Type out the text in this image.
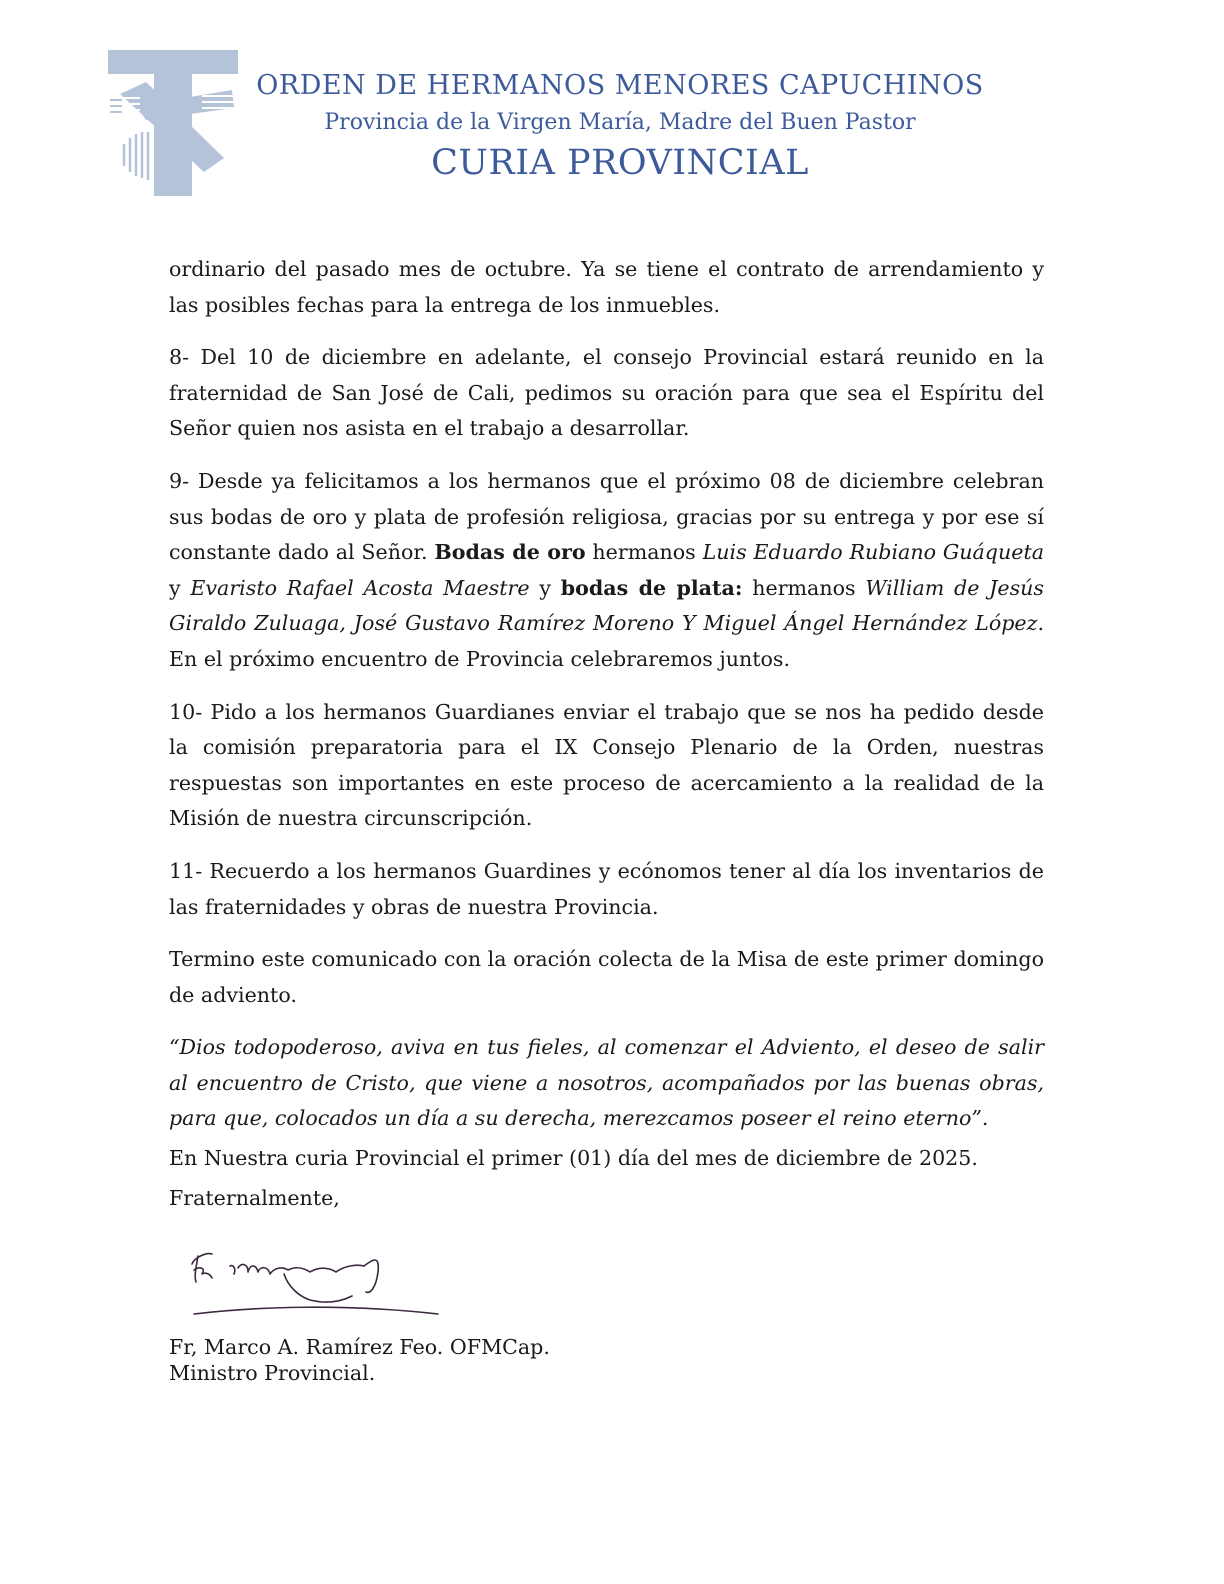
ORDEN DE HERMANOS MENORES CAPUCHINOS
Provincia de la Virgen María, Madre del Buen Pastor
CURIA PROVINCIAL

ordinario del pasado mes de octubre. Ya se tiene el contrato de arrendamiento y las posibles fechas para la entrega de los inmuebles.

8- Del 10 de diciembre en adelante, el consejo Provincial estará reunido en la fraternidad de San José de Cali, pedimos su oración para que sea el Espíritu del Señor quien nos asista en el trabajo a desarrollar.

9- Desde ya felicitamos a los hermanos que el próximo 08 de diciembre celebran sus bodas de oro y plata de profesión religiosa, gracias por su entrega y por ese sí constante dado al Señor. Bodas de oro hermanos Luis Eduardo Rubiano Guáqueta y Evaristo Rafael Acosta Maestre y bodas de plata: hermanos William de Jesús Giraldo Zuluaga, José Gustavo Ramírez Moreno Y Miguel Ángel Hernández López. En el próximo encuentro de Provincia celebraremos juntos.

10- Pido a los hermanos Guardianes enviar el trabajo que se nos ha pedido desde la comisión preparatoria para el IX Consejo Plenario de la Orden, nuestras respuestas son importantes en este proceso de acercamiento a la realidad de la Misión de nuestra circunscripción.

11- Recuerdo a los hermanos Guardines y ecónomos tener al día los inventarios de las fraternidades y obras de nuestra Provincia.

Termino este comunicado con la oración colecta de la Misa de este primer domingo de adviento.

“Dios todopoderoso, aviva en tus fieles, al comenzar el Adviento, el deseo de salir al encuentro de Cristo, que viene a nosotros, acompañados por las buenas obras, para que, colocados un día a su derecha, merezcamos poseer el reino eterno”.

En Nuestra curia Provincial el primer (01) día del mes de diciembre de 2025.

Fraternalmente,

Fr, Marco A. Ramírez Feo. OFMCap.
Ministro Provincial.
